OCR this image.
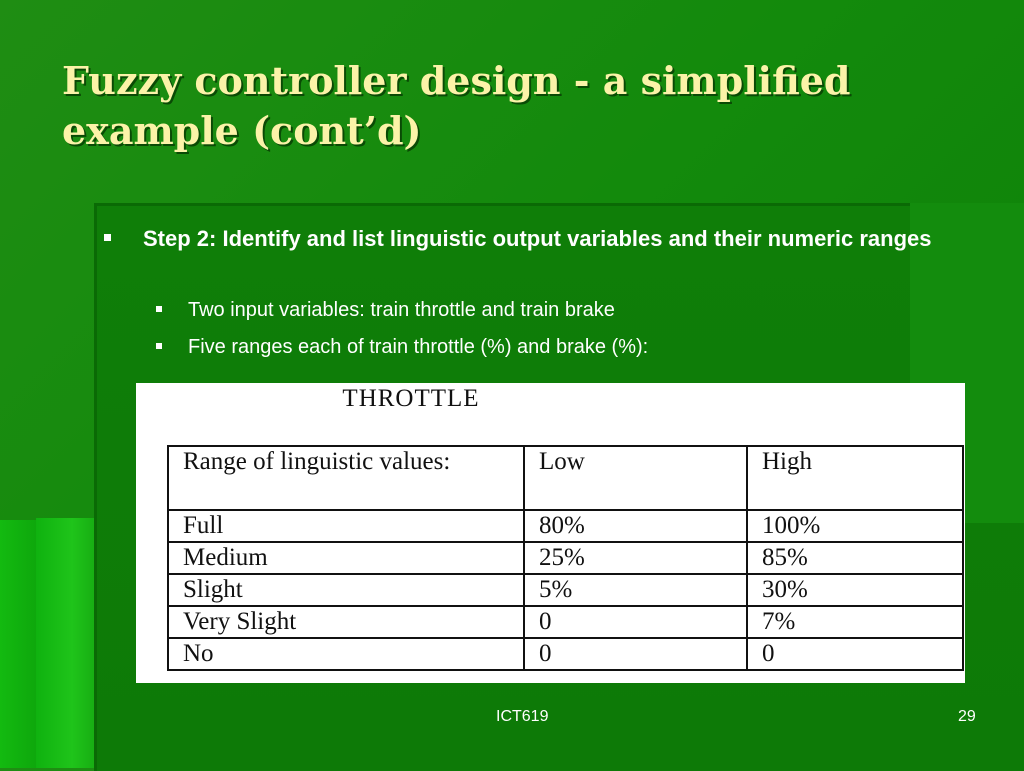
Fuzzy controller design - a simplified example (cont’d)
Step 2: Identify and list linguistic output variables and their numeric ranges
Two input variables: train throttle and train brake
Five ranges each of train throttle (%) and brake (%):
THROTTLE
Range of linguistic values:	Low	High
Full	80%	100%
Medium	25%	85%
Slight	5%	30%
Very Slight	0	7%
No	0	0
ICT619	29
